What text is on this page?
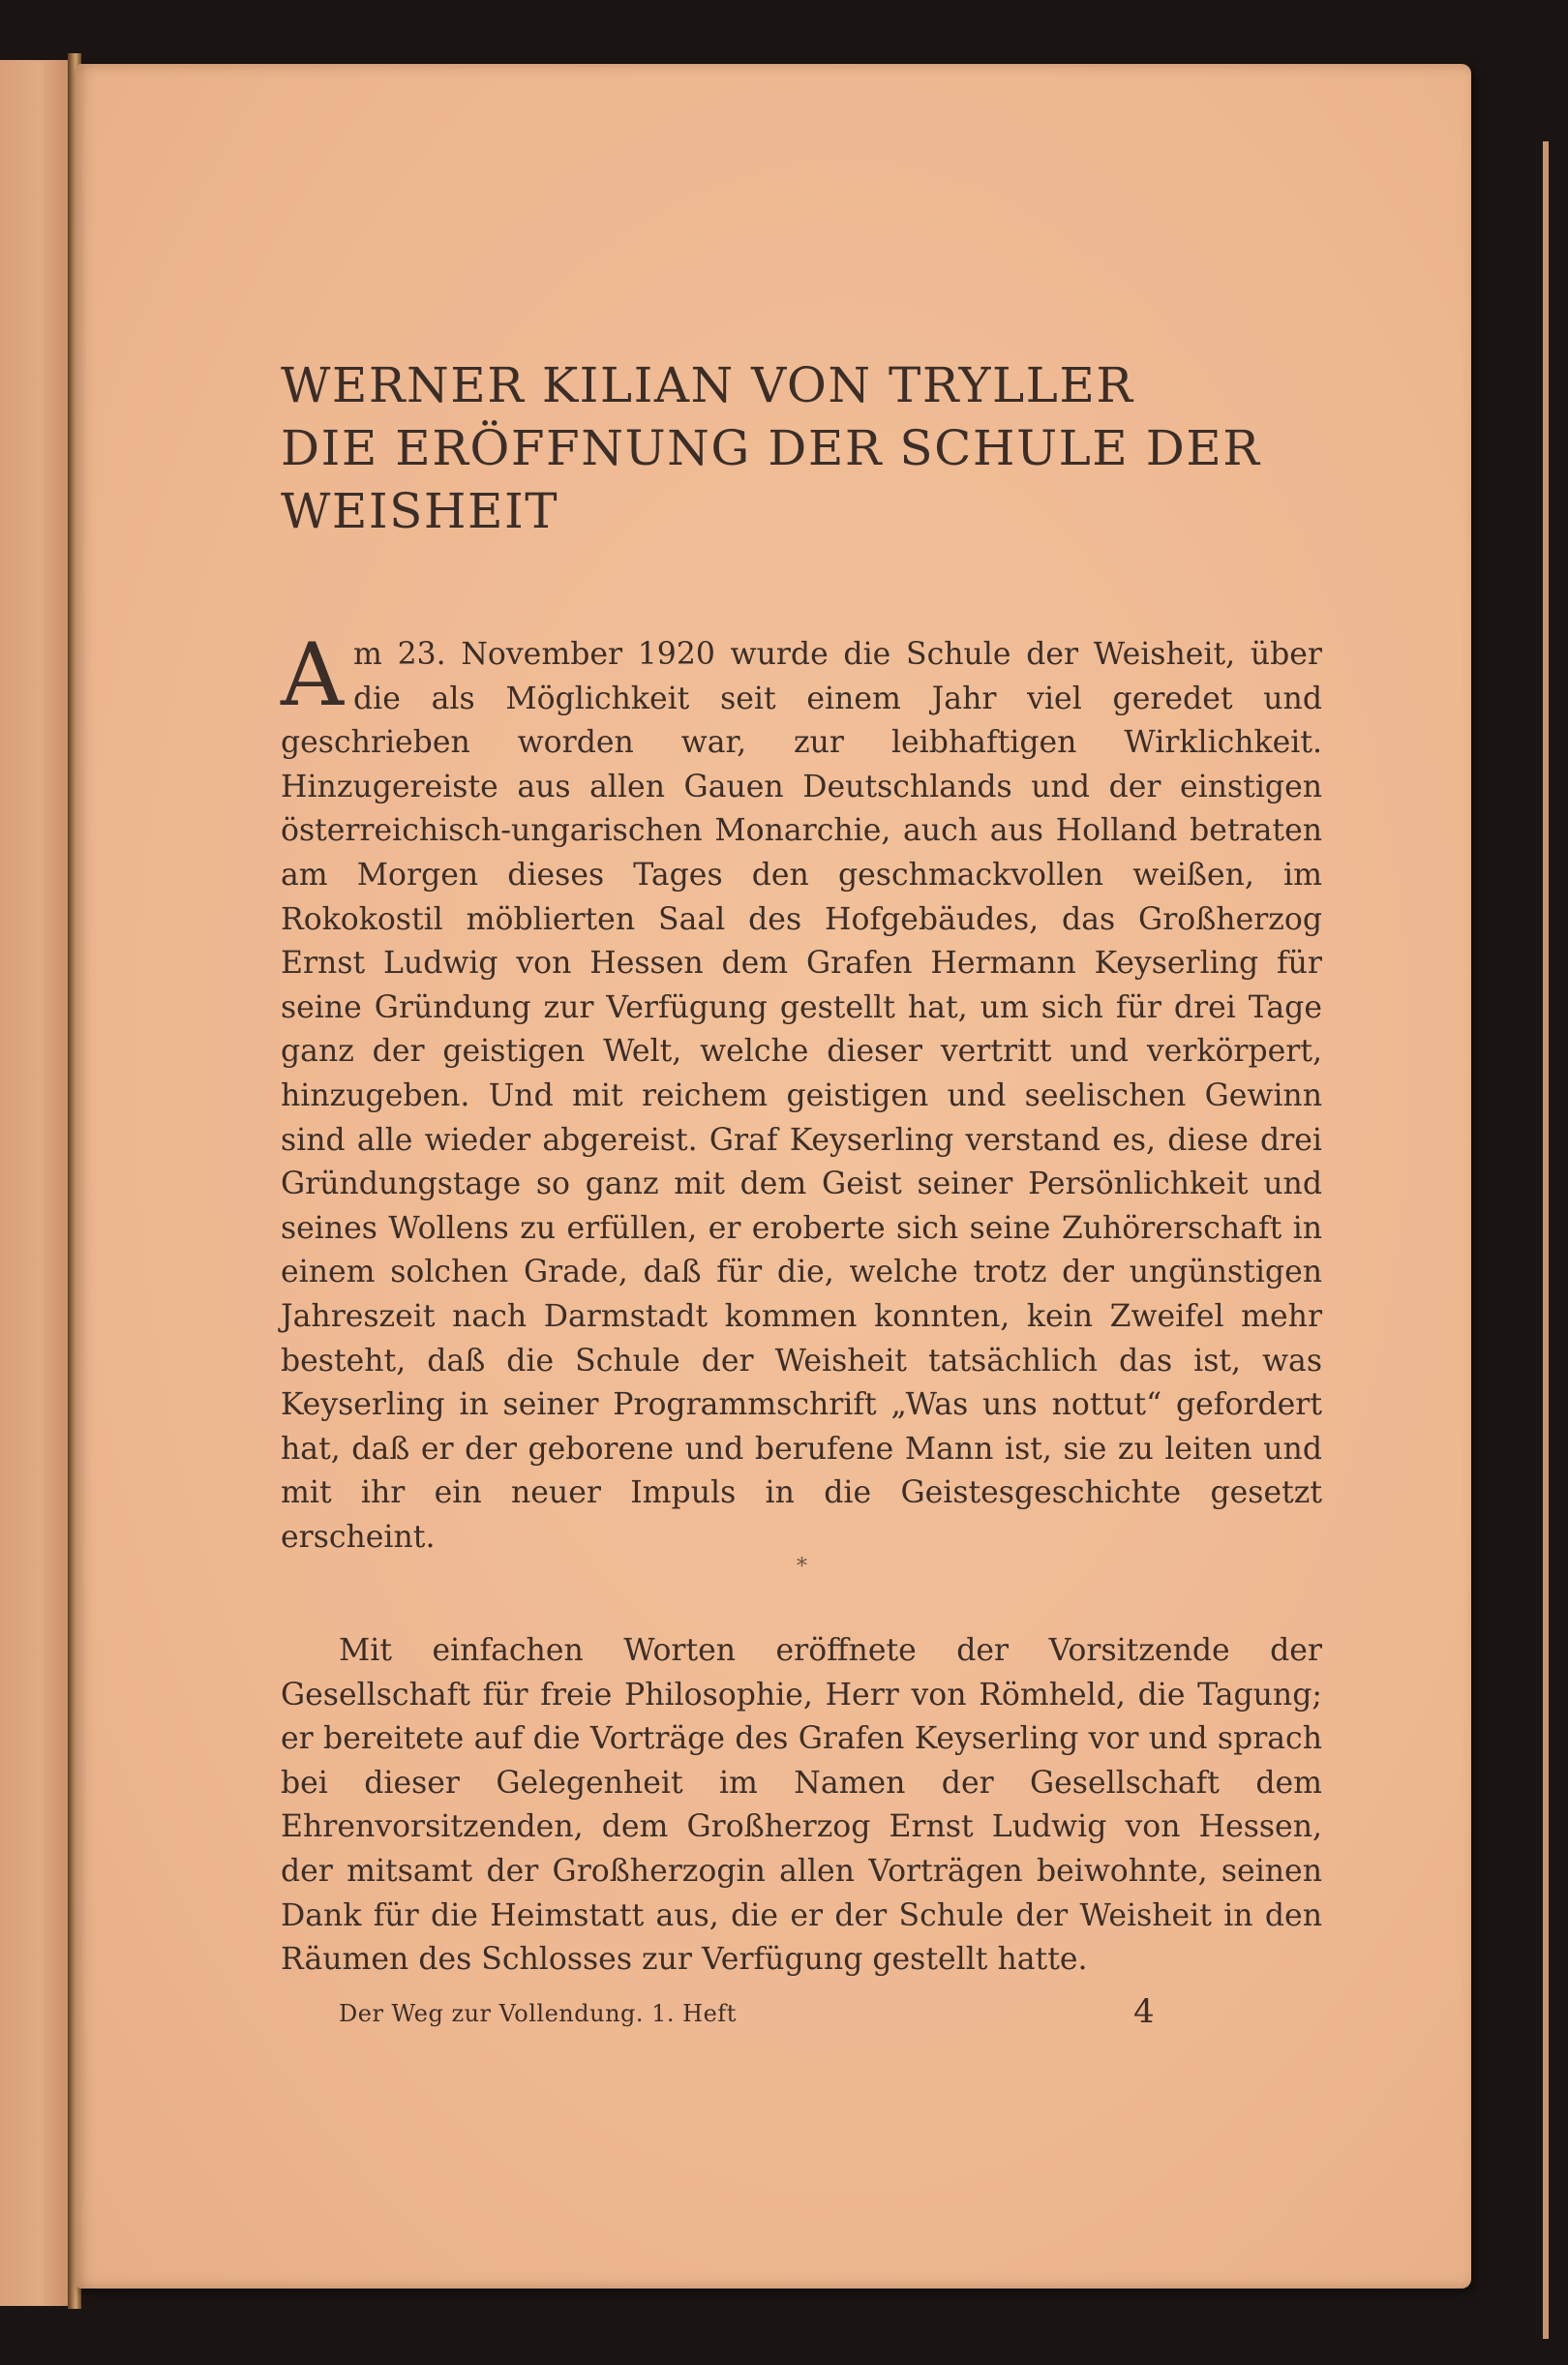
WERNER KILIAN VON TRYLLER
DIE ERÖFFNUNG DER SCHULE DER
WEISHEIT

Am 23. November 1920 wurde die Schule der Weisheit, über die als Möglichkeit seit einem Jahr viel geredet und geschrieben worden war, zur leibhaftigen Wirklichkeit. Hinzugereiste aus allen Gauen Deutschlands und der einstigen österreichisch-ungarischen Monarchie, auch aus Holland betraten am Morgen dieses Tages den geschmackvollen weißen, im Rokokostil möblierten Saal des Hofgebäudes, das Großherzog Ernst Ludwig von Hessen dem Grafen Hermann Keyserling für seine Gründung zur Verfügung gestellt hat, um sich für drei Tage ganz der geistigen Welt, welche dieser vertritt und verkörpert, hinzugeben. Und mit reichem geistigen und seelischen Gewinn sind alle wieder abgereist. Graf Keyserling verstand es, diese drei Gründungstage so ganz mit dem Geist seiner Persönlichkeit und seines Wollens zu erfüllen, er eroberte sich seine Zuhörerschaft in einem solchen Grade, daß für die, welche trotz der ungünstigen Jahreszeit nach Darmstadt kommen konnten, kein Zweifel mehr besteht, daß die Schule der Weisheit tatsächlich das ist, was Keyserling in seiner Programmschrift „Was uns nottut“ gefordert hat, daß er der geborene und berufene Mann ist, sie zu leiten und mit ihr ein neuer Impuls in die Geistesgeschichte gesetzt erscheint.

*

Mit einfachen Worten eröffnete der Vorsitzende der Gesellschaft für freie Philosophie, Herr von Römheld, die Tagung; er bereitete auf die Vorträge des Grafen Keyserling vor und sprach bei dieser Gelegenheit im Namen der Gesellschaft dem Ehrenvorsitzenden, dem Großherzog Ernst Ludwig von Hessen, der mitsamt der Großherzogin allen Vorträgen beiwohnte, seinen Dank für die Heimstatt aus, die er der Schule der Weisheit in den Räumen des Schlosses zur Verfügung gestellt hatte.

Der Weg zur Vollendung. 1. Heft	4
